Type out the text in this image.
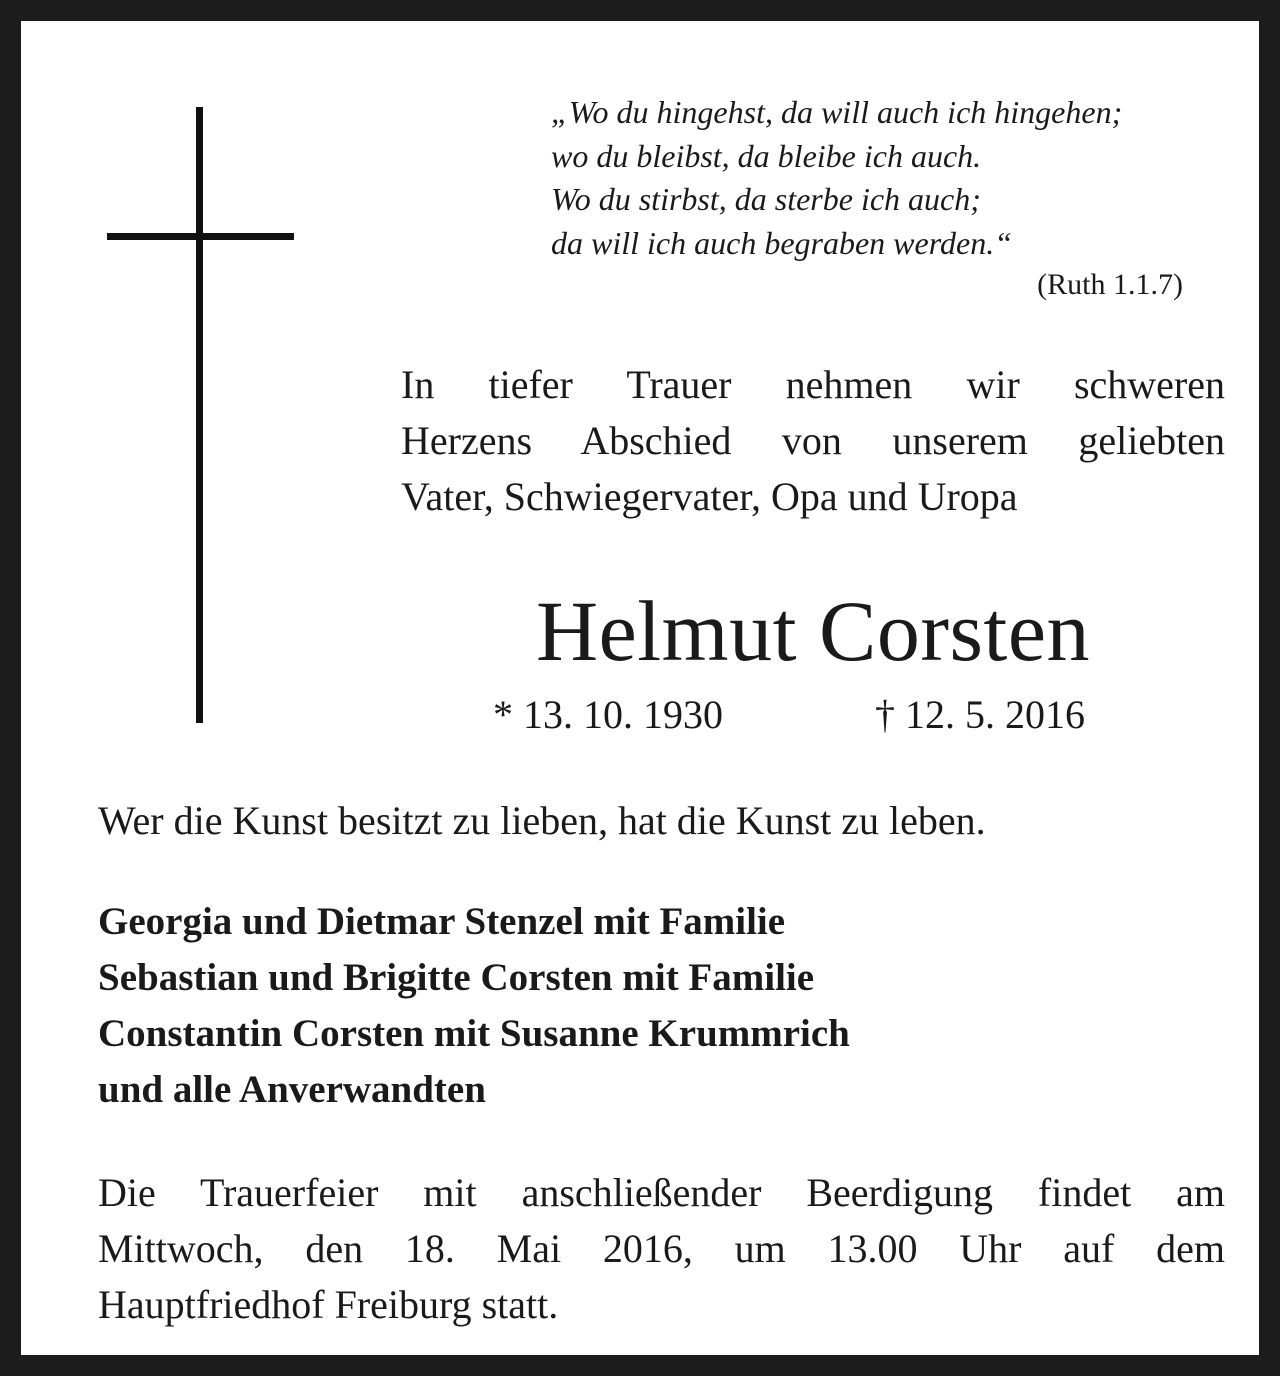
„Wo du hingehst, da will auch ich hingehen;
wo du bleibst, da bleibe ich auch.
Wo du stirbst, da sterbe ich auch;
da will ich auch begraben werden.“

(Ruth 1.1.7)

In tiefer Trauer nehmen wir schweren
Herzens Abschied von unserem geliebten
Vater, Schwiegervater, Opa und Uropa

Helmut Corsten
* 13. 10. 1930	† 12. 5. 2016

Wer die Kunst besitzt zu lieben, hat die Kunst zu leben.

Georgia und Dietmar Stenzel mit Familie
Sebastian und Brigitte Corsten mit Familie
Constantin Corsten mit Susanne Krummrich
und alle Anverwandten

Die Trauerfeier mit anschließender Beerdigung findet am
Mittwoch, den 18. Mai 2016, um 13.00 Uhr auf dem
Hauptfriedhof Freiburg statt.
